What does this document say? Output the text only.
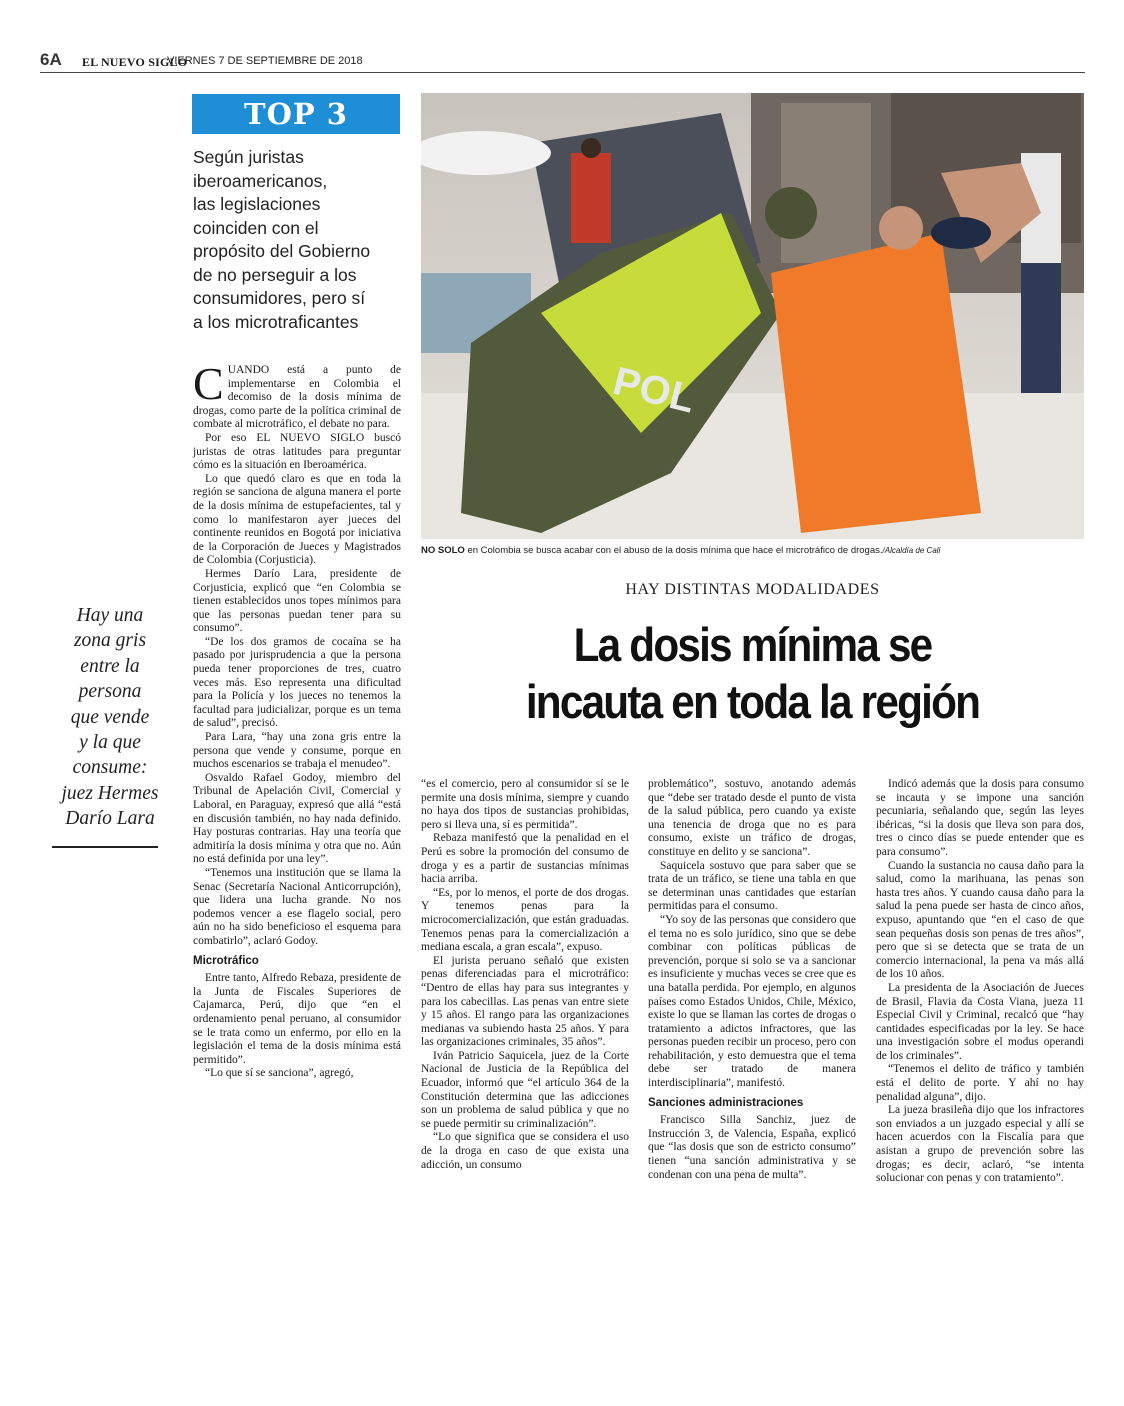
6A EL NUEVO SIGLO
VIERNES 7 DE SEPTIEMBRE DE 2018
TOP 3
Según juristas
iberoamericanos,
las legislaciones
coinciden con el
propósito del Gobierno
de no perseguir a los
consumidores, pero sí
a los microtraficantes
POL
NO SOLO en Colombia se busca acabar con el abuso de la dosis mínima que hace el microtráfico de drogas./Alcaldía de Cali
HAY DISTINTAS MODALIDADES
La dosis mínima se
incauta en toda la región
Hay una
zona gris
entre la
persona
que vende
y la que
consume:
juez Hermes
Darío Lara

CUANDO está a punto de implementarse en Colombia el decomiso de la dosis mínima de drogas, como parte de la política criminal de combate al microtráfico, el debate no para.

Por eso EL NUEVO SIGLO buscó juristas de otras latitudes para preguntar cómo es la situación en Iberoamérica.

Lo que quedó claro es que en toda la región se sanciona de alguna manera el porte de la dosis mínima de estupefacientes, tal y como lo manifestaron ayer jueces del continente reunidos en Bogotá por iniciativa de la Corporación de Jueces y Magistrados de Colombia (Corjusticia).

Hermes Darío Lara, presidente de Corjusticia, explicó que “en Colombia se tienen establecidos unos topes mínimos para que las personas puedan tener para su consumo”.

“De los dos gramos de cocaína se ha pasado por jurisprudencia a que la persona pueda tener proporciones de tres, cuatro veces más. Eso representa una dificultad para la Policía y los jueces no tenemos la facultad para judicializar, porque es un tema de salud”, precisó.

Para Lara, “hay una zona gris entre la persona que vende y consume, porque en muchos escenarios se trabaja el menudeo”.

Osvaldo Rafael Godoy, miembro del Tribunal de Apelación Civil, Comercial y Laboral, en Paraguay, expresó que allá “está en discusión también, no hay nada definido. Hay posturas contrarias. Hay una teoría que admitiría la dosis mínima y otra que no. Aún no está definida por una ley”.

“Tenemos una institución que se llama la Senac (Secretaría Nacional Anticorrupción), que lidera una lucha grande. No nos podemos vencer a ese flagelo social, pero aún no ha sido beneficioso el esquema para combatirlo”, aclaró Godoy.

Microtráfico

Entre tanto, Alfredo Rebaza, presidente de la Junta de Fiscales Superiores de Cajamarca, Perú, dijo que “en el ordenamiento penal peruano, al consumidor se le trata como un enfermo, por ello en la legislación el tema de la dosis mínima está permitido”.

“Lo que sí se sanciona”, agregó,

“es el comercio, pero al consumidor sí se le permite una dosis mínima, siempre y cuando no haya dos tipos de sustancias prohibidas, pero si lleva una, sí es permitida”.

Rebaza manifestó que la penalidad en el Perú es sobre la promoción del consumo de droga y es a partir de sustancias mínimas hacia arriba.

“Es, por lo menos, el porte de dos drogas. Y tenemos penas para la microcomercialización, que están graduadas. Tenemos penas para la comercialización a mediana escala, a gran escala”, expuso.

El jurista peruano señaló que existen penas diferenciadas para el microtráfico: “Dentro de ellas hay para sus integrantes y para los cabecillas. Las penas van entre siete y 15 años. El rango para las organizaciones medianas va subiendo hasta 25 años. Y para las organizaciones criminales, 35 años”.

Iván Patricio Saquicela, juez de la Corte Nacional de Justicia de la República del Ecuador, informó que “el artículo 364 de la Constitución determina que las adicciones son un problema de salud pública y que no se puede permitir su criminalización”.

“Lo que significa que se considera el uso de la droga en caso de que exista una adicción, un consumo

problemático”, sostuvo, anotando además que “debe ser tratado desde el punto de vista de la salud pública, pero cuando ya existe una tenencia de droga que no es para consumo, existe un tráfico de drogas, constituye en delito y se sanciona”.

Saquicela sostuvo que para saber que se trata de un tráfico, se tiene una tabla en que se determinan unas cantidades que estarían permitidas para el consumo.

“Yo soy de las personas que considero que el tema no es solo jurídico, sino que se debe combinar con políticas públicas de prevención, porque si solo se va a sancionar es insuficiente y muchas veces se cree que es una batalla perdida. Por ejemplo, en algunos países como Estados Unidos, Chile, México, existe lo que se llaman las cortes de drogas o tratamiento a adictos infractores, que las personas pueden recibir un proceso, pero con rehabilitación, y esto demuestra que el tema debe ser tratado de manera interdisciplinaria”, manifestó.

Sanciones administraciones

Francisco Silla Sanchiz, juez de Instrucción 3, de Valencia, España, explicó que “las dosis que son de estricto consumo” tienen “una sanción administrativa y se condenan con una pena de multa”.

Indicó además que la dosis para consumo se incauta y se impone una sanción pecuniaria, señalando que, según las leyes ibéricas, “si la dosis que lleva son para dos, tres o cinco días se puede entender que es para consumo”.

Cuando la sustancia no causa daño para la salud, como la marihuana, las penas son hasta tres años. Y cuando causa daño para la salud la pena puede ser hasta de cinco años, expuso, apuntando que “en el caso de que sean pequeñas dosis son penas de tres años”, pero que si se detecta que se trata de un comercio internacional, la pena va más allá de los 10 años.

La presidenta de la Asociación de Jueces de Brasil, Flavia da Costa Viana, jueza 11 Especial Civil y Criminal, recalcó que “hay cantidades especificadas por la ley. Se hace una investigación sobre el modus operandi de los criminales”.

“Tenemos el delito de tráfico y también está el delito de porte. Y ahí no hay penalidad alguna”, dijo.

La jueza brasileña dijo que los infractores son enviados a un juzgado especial y allí se hacen acuerdos con la Fiscalía para que asistan a grupo de prevención sobre las drogas; es decir, aclaró, “se intenta solucionar con penas y con tratamiento”.
